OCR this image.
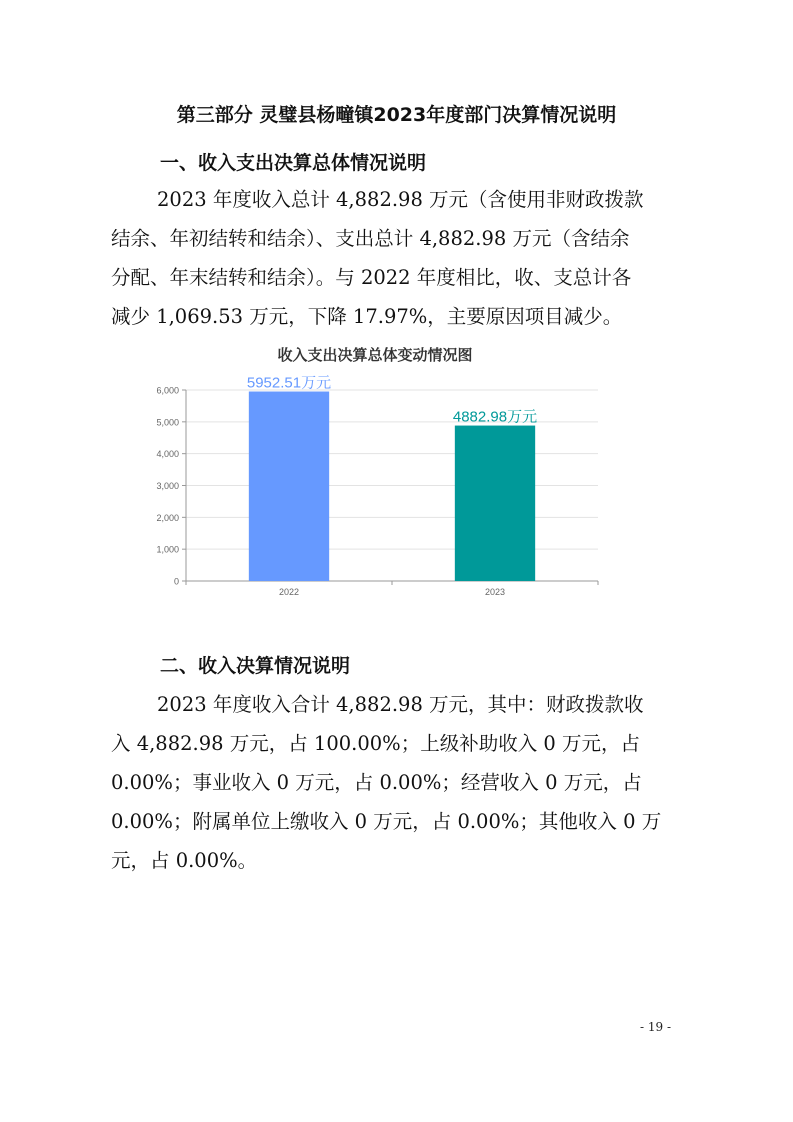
第三部分 灵璧县杨疃镇2023年度部门决算情况说明
一、收入支出决算总体情况说明
2023 年度收入总计 4,882.98 万元（含使用非财政拨款
结余、年初结转和结余）、支出总计 4,882.98 万元（含结余
分配、年末结转和结余）。与 2022 年度相比，收、支总计各
减少 1,069.53 万元，下降 17.97%，主要原因项目减少。
收入支出决算总体变动情况图
0
1,000
2,000
3,000
4,000
5,000
6,000	5952.51万元
4882.98万元
2022	2023
二、收入决算情况说明
2023 年度收入合计 4,882.98 万元，其中：财政拨款收
入 4,882.98 万元，占 100.00%；上级补助收入 0 万元，占
0.00%；事业收入 0 万元，占 0.00%；经营收入 0 万元，占
0.00%；附属单位上缴收入 0 万元，占 0.00%；其他收入 0 万
元，占 0.00%。
- 19 -
